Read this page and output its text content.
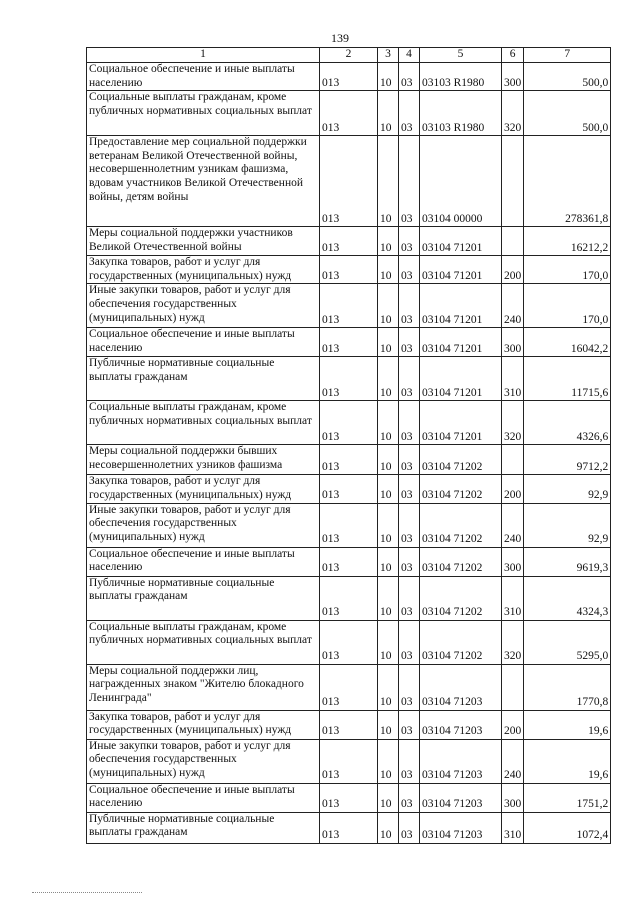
139
1	2	3	4	5	6	7
Социальное обеспечение и иные выплаты населению	013	10	03	03103 R1980	300	500,0
Социальные выплаты гражданам, кроме публичных нормативных социальных выплат	013	10	03	03103 R1980	320	500,0
Предоставление мер социальной поддержки ветеранам Великой Отечественной войны, несовершеннолетним узникам фашизма, вдовам участников Великой Отечественной войны, детям войны	013	10	03	03104 00000		278361,8
Меры социальной поддержки участников Великой Отечественной войны	013	10	03	03104 71201		16212,2
Закупка товаров, работ и услуг для государственных (муниципальных) нужд	013	10	03	03104 71201	200	170,0
Иные закупки товаров, работ и услуг для обеспечения государственных (муниципальных) нужд	013	10	03	03104 71201	240	170,0
Социальное обеспечение и иные выплаты населению	013	10	03	03104 71201	300	16042,2
Публичные нормативные социальные выплаты гражданам	013	10	03	03104 71201	310	11715,6
Социальные выплаты гражданам, кроме публичных нормативных социальных выплат	013	10	03	03104 71201	320	4326,6
Меры социальной поддержки бывших несовершеннолетних узников фашизма	013	10	03	03104 71202		9712,2
Закупка товаров, работ и услуг для государственных (муниципальных) нужд	013	10	03	03104 71202	200	92,9
Иные закупки товаров, работ и услуг для обеспечения государственных (муниципальных) нужд	013	10	03	03104 71202	240	92,9
Социальное обеспечение и иные выплаты населению	013	10	03	03104 71202	300	9619,3
Публичные нормативные социальные выплаты гражданам	013	10	03	03104 71202	310	4324,3
Социальные выплаты гражданам, кроме публичных нормативных социальных выплат	013	10	03	03104 71202	320	5295,0
Меры социальной поддержки лиц, награжденных знаком "Жителю блокадного Ленинграда"	013	10	03	03104 71203		1770,8
Закупка товаров, работ и услуг для государственных (муниципальных) нужд	013	10	03	03104 71203	200	19,6
Иные закупки товаров, работ и услуг для обеспечения государственных (муниципальных) нужд	013	10	03	03104 71203	240	19,6
Социальное обеспечение и иные выплаты населению	013	10	03	03104 71203	300	1751,2
Публичные нормативные социальные выплаты гражданам	013	10	03	03104 71203	310	1072,4
